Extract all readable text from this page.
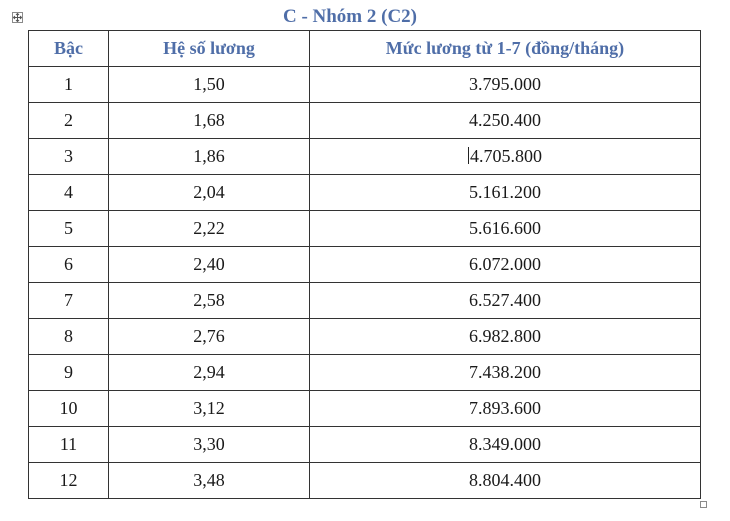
C - Nhóm 2 (C2)
Bậc	Hệ số lương	Mức lương từ 1-7 (đồng/tháng)
1	1,50	3.795.000
2	1,68	4.250.400
3	1,86	4.705.800
4	2,04	5.161.200
5	2,22	5.616.600
6	2,40	6.072.000
7	2,58	6.527.400
8	2,76	6.982.800
9	2,94	7.438.200
10	3,12	7.893.600
11	3,30	8.349.000
12	3,48	8.804.400
